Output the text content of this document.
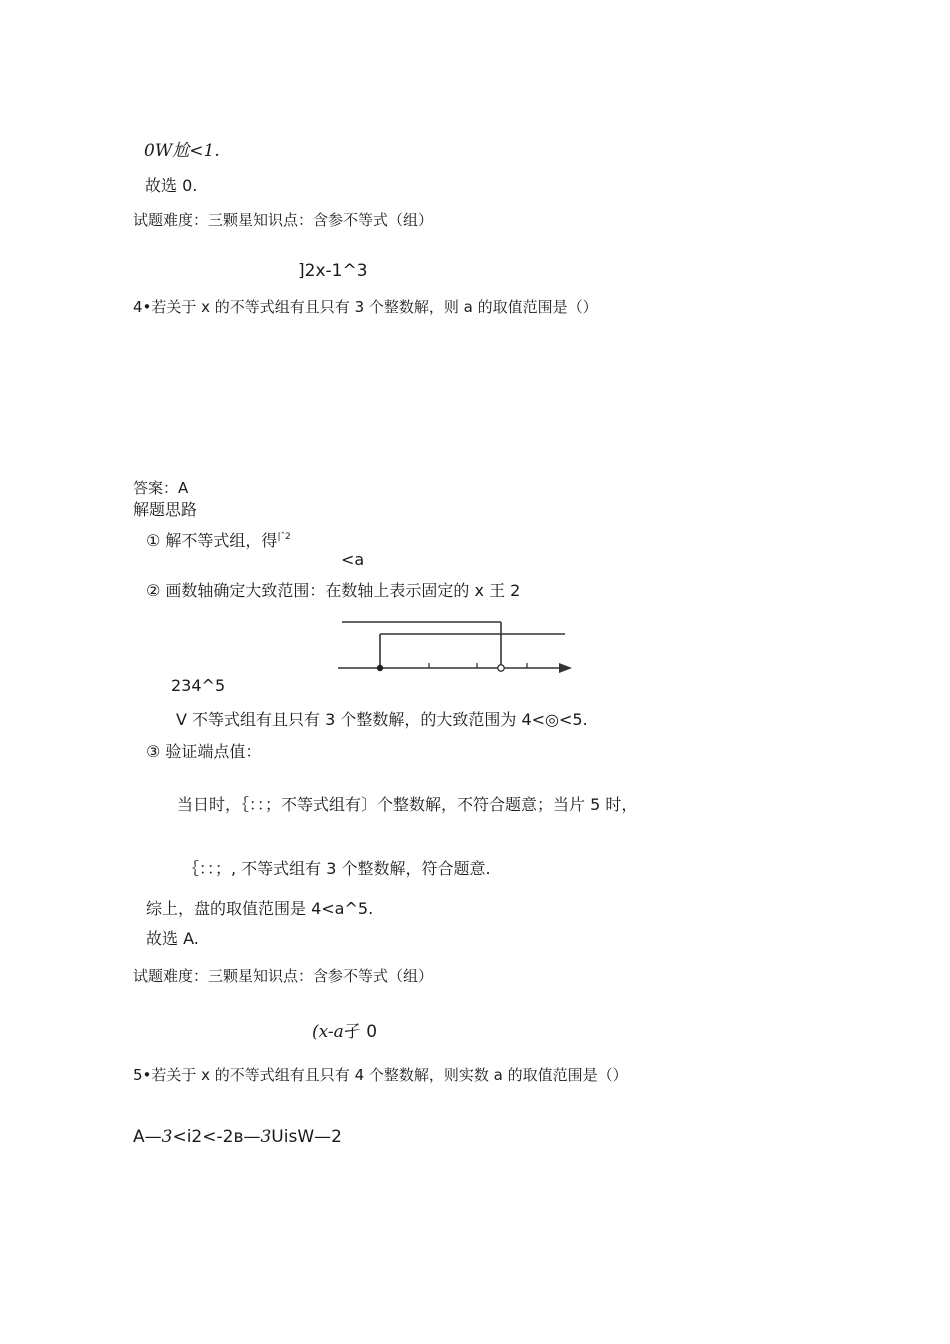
0W尬<1.
故选 0.
试题难度：三颗星知识点：含参不等式（组）
]2x-1^3
4•若关于 x 的不等式组有且只有 3 个整数解，则 a 的取值范围是（）
答案：A
解题思路
① 解不等式组，得$^{|ˆ2}$
<a
② 画数轴确定大致范围：在数轴上表示固定的 x 王 2
234^5
V 不等式组有且只有 3 个整数解，的大致范围为 4<◎<5.
③ 验证端点值：
当日时，｛：：；不等式组有〕个整数解，不符合题意；当片 5 时，
｛：：；, 不等式组有 3 个整数解，符合题意.
综上，盘的取值范围是 4<a^5.
故选 A.
试题难度：三颗星知识点：含参不等式（组）
(x-a孑 0
5•若关于 x 的不等式组有且只有 4 个整数解，则实数 a 的取值范围是（）
A—3<i2<-2в—3UisW—2
